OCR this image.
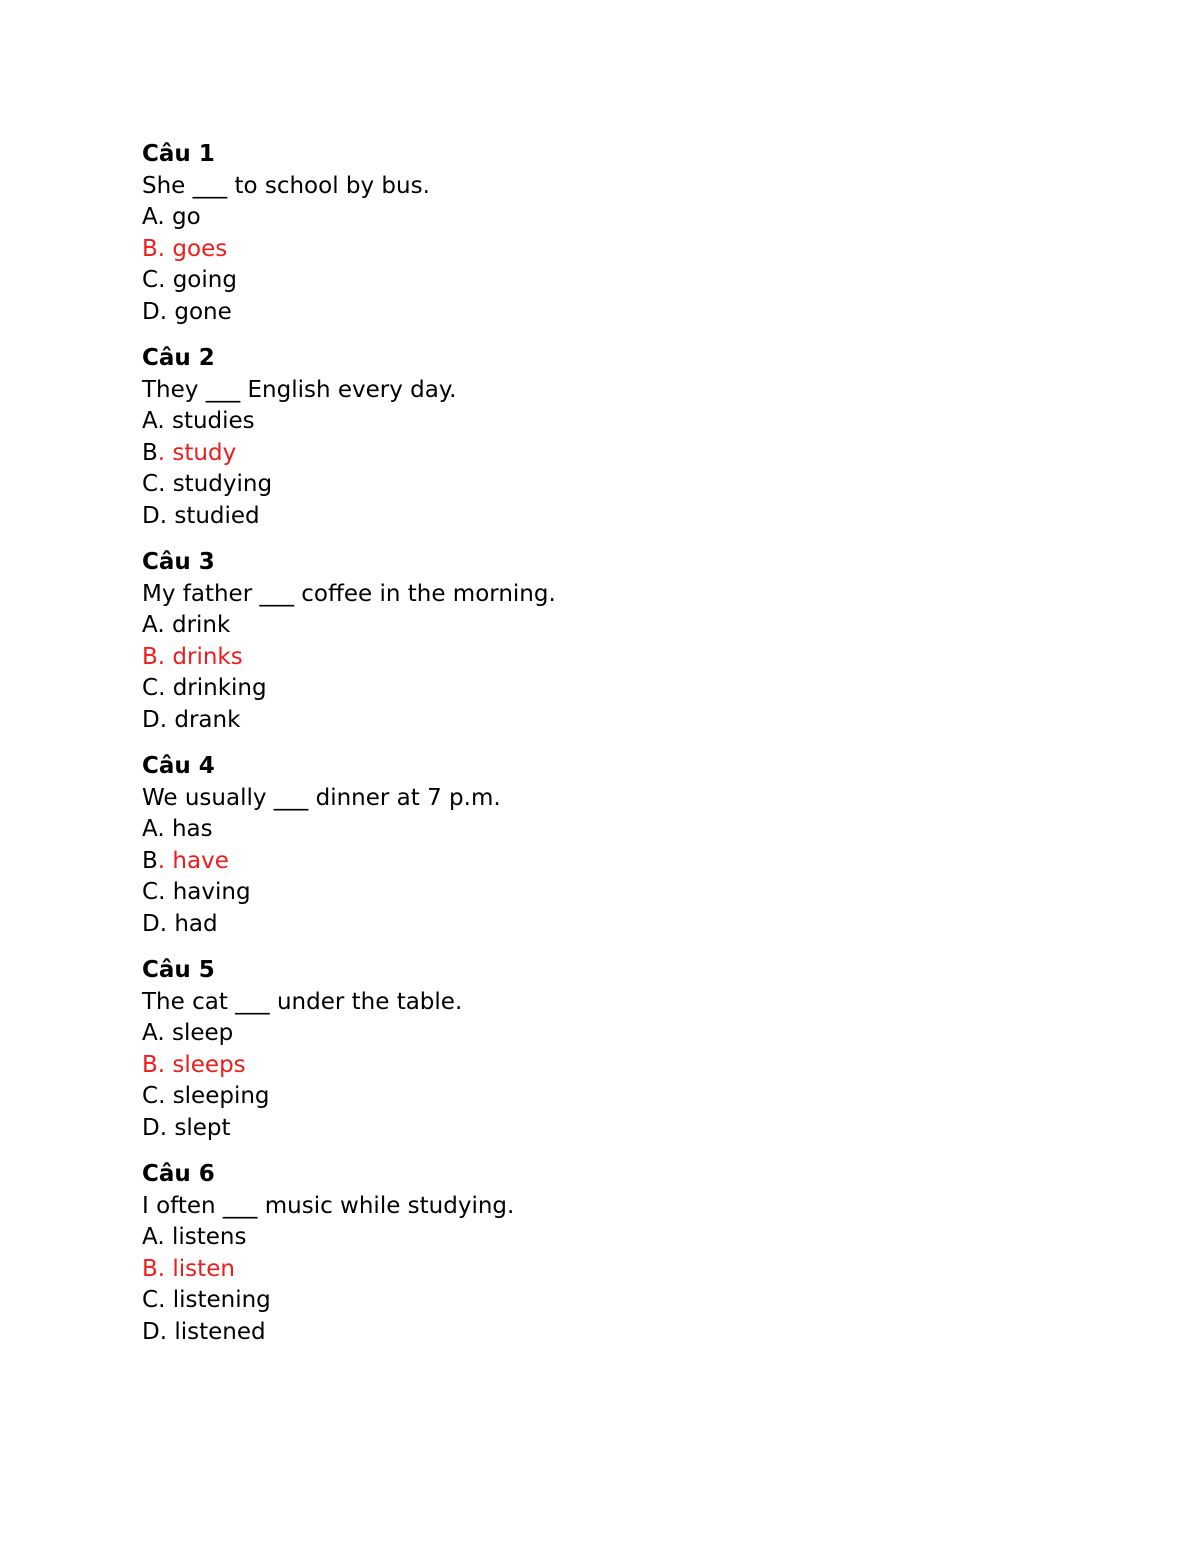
Câu 1
She ___ to school by bus.
A. go
B. goes
C. going
D. gone
Câu 2
They ___ English every day.
A. studies
B. study
C. studying
D. studied
Câu 3
My father ___ coffee in the morning.
A. drink
B. drinks
C. drinking
D. drank
Câu 4
We usually ___ dinner at 7 p.m.
A. has
B. have
C. having
D. had
Câu 5
The cat ___ under the table.
A. sleep
B. sleeps
C. sleeping
D. slept
Câu 6
I often ___ music while studying.
A. listens
B. listen
C. listening
D. listened
